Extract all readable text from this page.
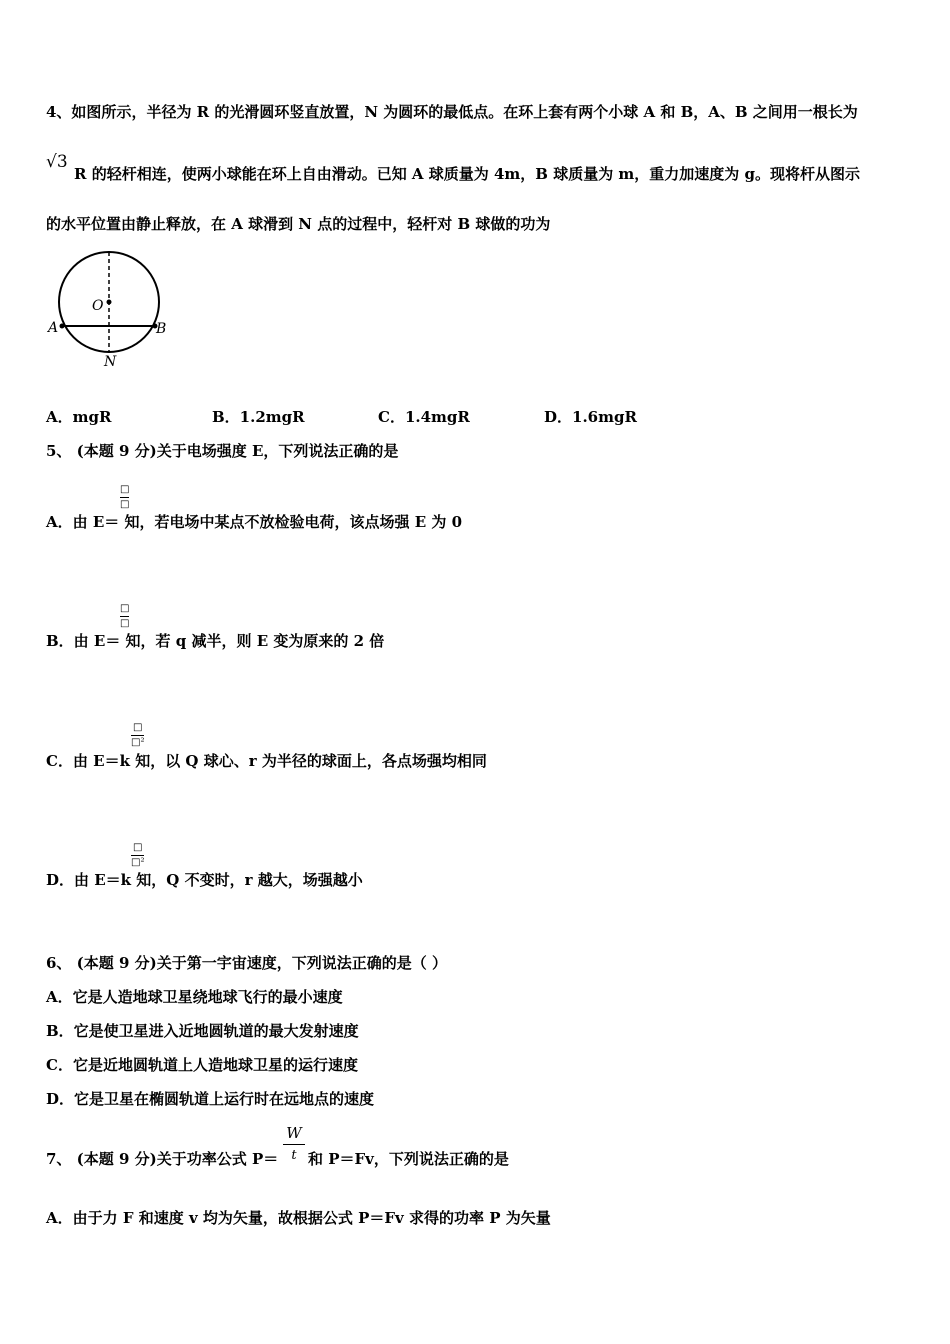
4、如图所示，半径为 R 的光滑圆环竖直放置，N 为圆环的最低点。在环上套有两个小球 A 和 B，A、B 之间用一根长为
√3
R 的轻杆相连，使两小球能在环上自由滑动。已知 A 球质量为 4m，B 球质量为 m，重力加速度为 g。现将杆从图示
的水平位置由静止释放，在 A 球滑到 N 点的过程中，轻杆对 B 球做的功为
O
A	B
N
A．mgR	B．1.2mgR	C．1.4mgR	D．1.6mgR
5、 (本题 9 分)关于电场强度 E，下列说法正确的是
□
□
A．由 E＝ 知，若电场中某点不放检验电荷，该点场强 E 为 0
□
□
B．由 E＝ 知，若 q 减半，则 E 变为原来的 2 倍
□
□²
C．由 E＝k 知，以 Q 球心、r 为半径的球面上，各点场强均相同
□
□²
D．由 E＝k 知，Q 不变时，r 越大，场强越小
6、 (本题 9 分)关于第一宇宙速度，下列说法正确的是（ ）
A．它是人造地球卫星绕地球飞行的最小速度
B．它是使卫星进入近地圆轨道的最大发射速度
C．它是近地圆轨道上人造地球卫星的运行速度
D．它是卫星在椭圆轨道上运行时在远地点的速度
7、 (本题 9 分)关于功率公式 P＝
W
t 和 P＝Fv，下列说法正确的是
A．由于力 F 和速度 v 均为矢量，故根据公式 P＝Fv 求得的功率 P 为矢量
